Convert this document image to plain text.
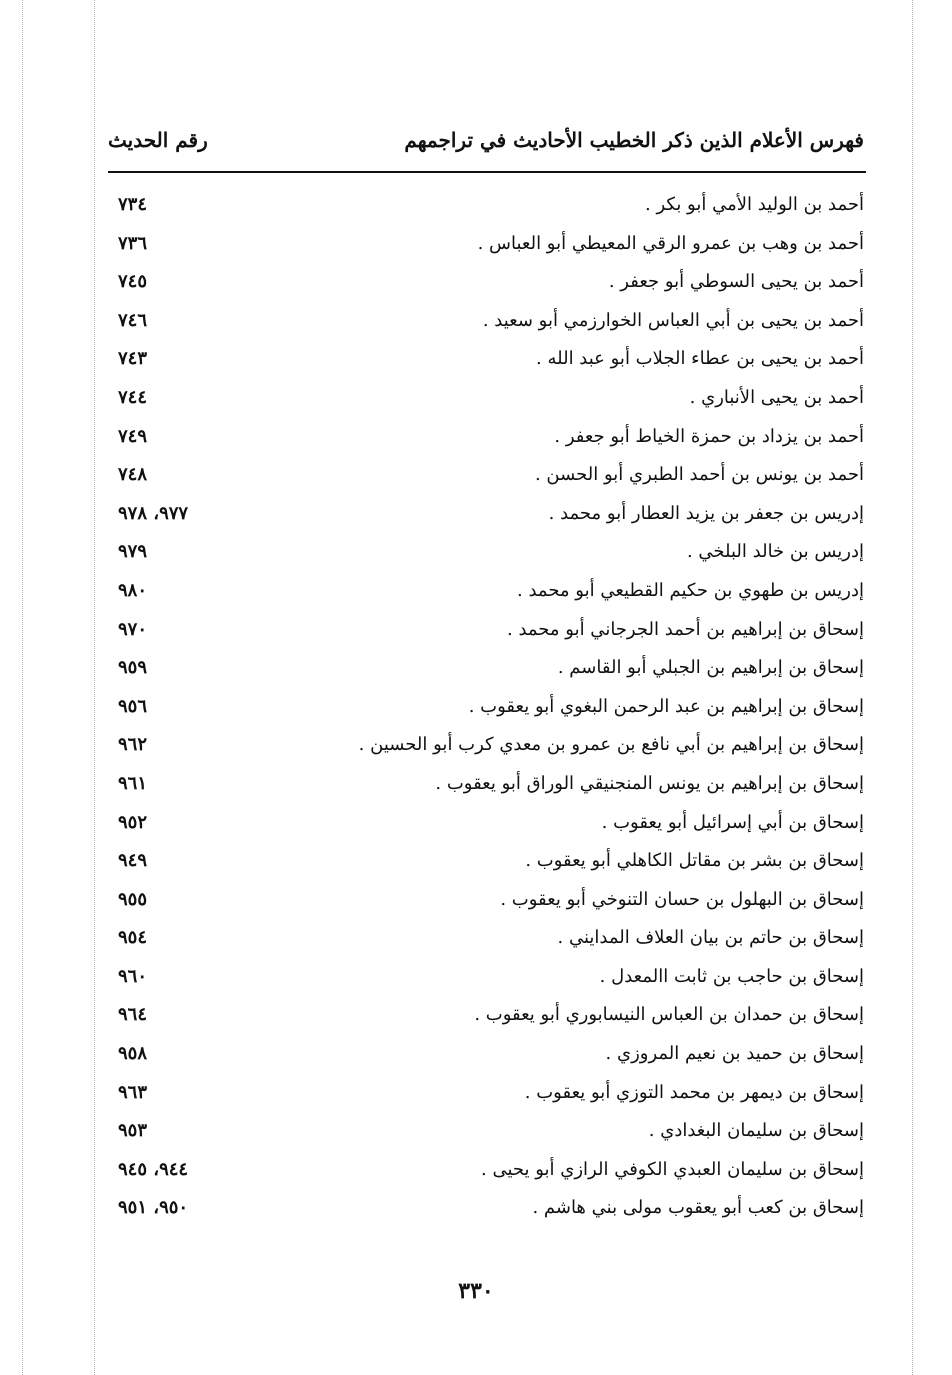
فهرس الأعلام الذين ذكر الخطيب الأحاديث في تراجمهم
رقم الحديث
أحمد بن الوليد الأمي أبو بكر .
٧٣٤
أحمد بن وهب بن عمرو الرقي المعيطي أبو العباس .
٧٣٦
أحمد بن يحيى السوطي أبو جعفر .
٧٤٥
أحمد بن يحيى بن أبي العباس الخوارزمي أبو سعيد .
٧٤٦
أحمد بن يحيى بن عطاء الجلاب أبو عبد الله .
٧٤٣
أحمد بن يحيى الأنباري .
٧٤٤
أحمد بن يزداد بن حمزة الخياط أبو جعفر .
٧٤٩
أحمد بن يونس بن أحمد الطبري أبو الحسن .
٧٤٨
إدريس بن جعفر بن يزيد العطار أبو محمد .
٩٧٧، ٩٧٨
إدريس بن خالد البلخي .
٩٧٩
إدريس بن طهوي بن حكيم القطيعي أبو محمد .
٩٨٠
إسحاق بن إبراهيم بن أحمد الجرجاني أبو محمد .
٩٧٠
إسحاق بن إبراهيم بن الجبلي أبو القاسم .
٩٥٩
إسحاق بن إبراهيم بن عبد الرحمن البغوي أبو يعقوب .
٩٥٦
إسحاق بن إبراهيم بن أبي نافع بن عمرو بن معدي كرب أبو الحسين .
٩٦٢
إسحاق بن إبراهيم بن يونس المنجنيقي الوراق أبو يعقوب .
٩٦١
إسحاق بن أبي إسرائيل أبو يعقوب .
٩٥٢
إسحاق بن بشر بن مقاتل الكاهلي أبو يعقوب .
٩٤٩
إسحاق بن البهلول بن حسان التنوخي أبو يعقوب .
٩٥٥
إسحاق بن حاتم بن بيان العلاف المدايني .
٩٥٤
إسحاق بن حاجب بن ثابت االمعدل .
٩٦٠
إسحاق بن حمدان بن العباس النيسابوري أبو يعقوب .
٩٦٤
إسحاق بن حميد بن نعيم المروزي .
٩٥٨
إسحاق بن ديمهر بن محمد التوزي أبو يعقوب .
٩٦٣
إسحاق بن سليمان البغدادي .
٩٥٣
إسحاق بن سليمان العبدي الكوفي الرازي أبو يحيى .
٩٤٤، ٩٤٥
إسحاق بن كعب أبو يعقوب مولى بني هاشم .
٩٥٠، ٩٥١
٣٣٠
